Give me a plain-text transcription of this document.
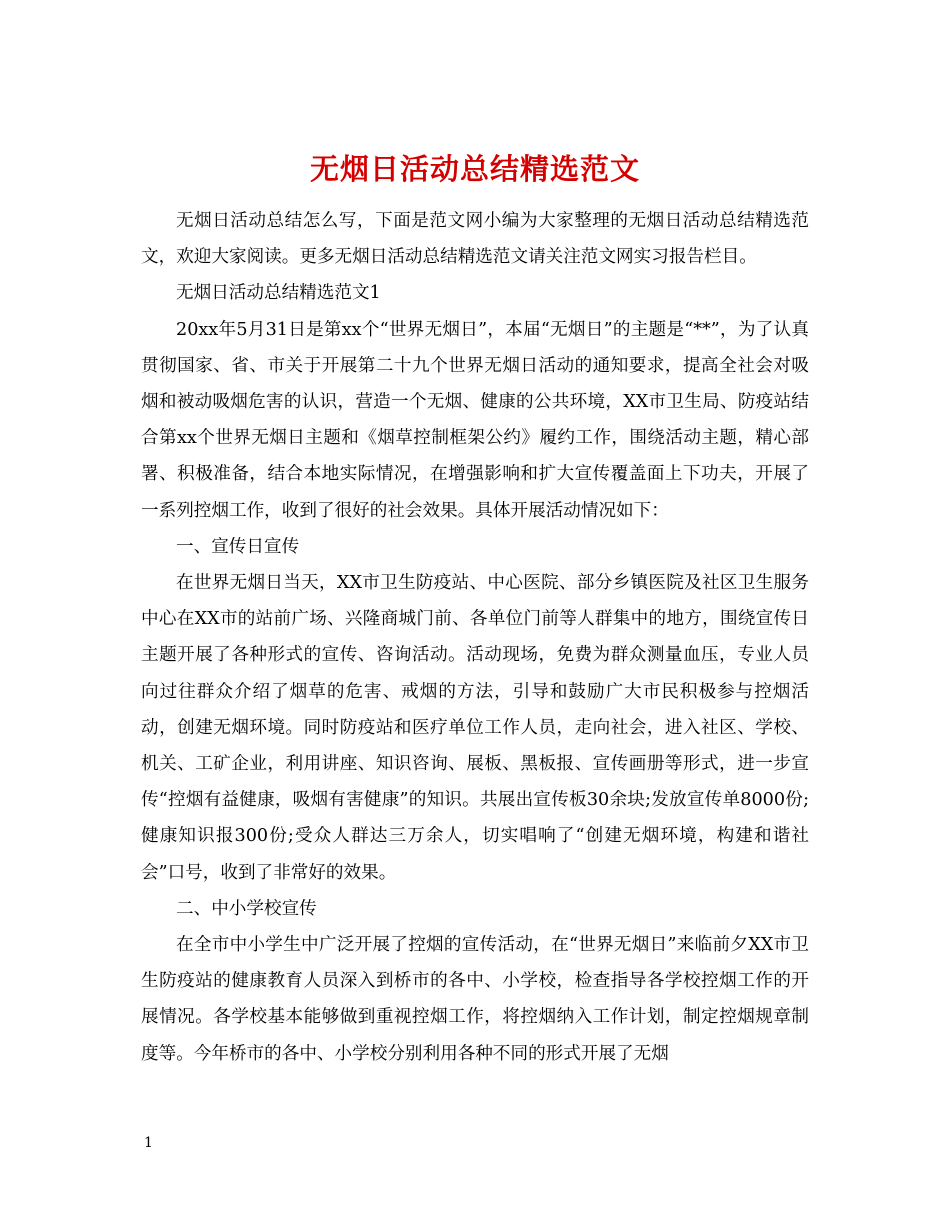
无烟日活动总结精选范文

无烟日活动总结怎么写，下面是范文网小编为大家整理的无烟日活动总结精选范文，欢迎大家阅读。更多无烟日活动总结精选范文请关注范文网实习报告栏目。

无烟日活动总结精选范文1

20xx年5月31日是第xx个“世界无烟日”，本届“无烟日”的主题是“**”，为了认真贯彻国家、省、市关于开展第二十九个世界无烟日活动的通知要求，提高全社会对吸烟和被动吸烟危害的认识，营造一个无烟、健康的公共环境，XX市卫生局、防疫站结合第xx个世界无烟日主题和《烟草控制框架公约》履约工作，围绕活动主题，精心部署、积极准备，结合本地实际情况，在增强影响和扩大宣传覆盖面上下功夫，开展了一系列控烟工作，收到了很好的社会效果。具体开展活动情况如下：

一、宣传日宣传

在世界无烟日当天，XX市卫生防疫站、中心医院、部分乡镇医院及社区卫生服务中心在XX市的站前广场、兴隆商城门前、各单位门前等人群集中的地方，围绕宣传日主题开展了各种形式的宣传、咨询活动。活动现场，免费为群众测量血压，专业人员向过往群众介绍了烟草的危害、戒烟的方法，引导和鼓励广大市民积极参与控烟活动，创建无烟环境。同时防疫站和医疗单位工作人员，走向社会，进入社区、学校、机关、工矿企业，利用讲座、知识咨询、展板、黑板报、宣传画册等形式，进一步宣传“控烟有益健康，吸烟有害健康”的知识。共展出宣传板30余块;发放宣传单8000份;健康知识报300份;受众人群达三万余人，切实唱响了“创建无烟环境，构建和谐社会”口号，收到了非常好的效果。

二、中小学校宣传

在全市中小学生中广泛开展了控烟的宣传活动，在“世界无烟日”来临前夕XX市卫生防疫站的健康教育人员深入到桥市的各中、小学校，检查指导各学校控烟工作的开展情况。各学校基本能够做到重视控烟工作，将控烟纳入工作计划，制定控烟规章制度等。今年桥市的各中、小学校分别利用各种不同的形式开展了无烟

1
